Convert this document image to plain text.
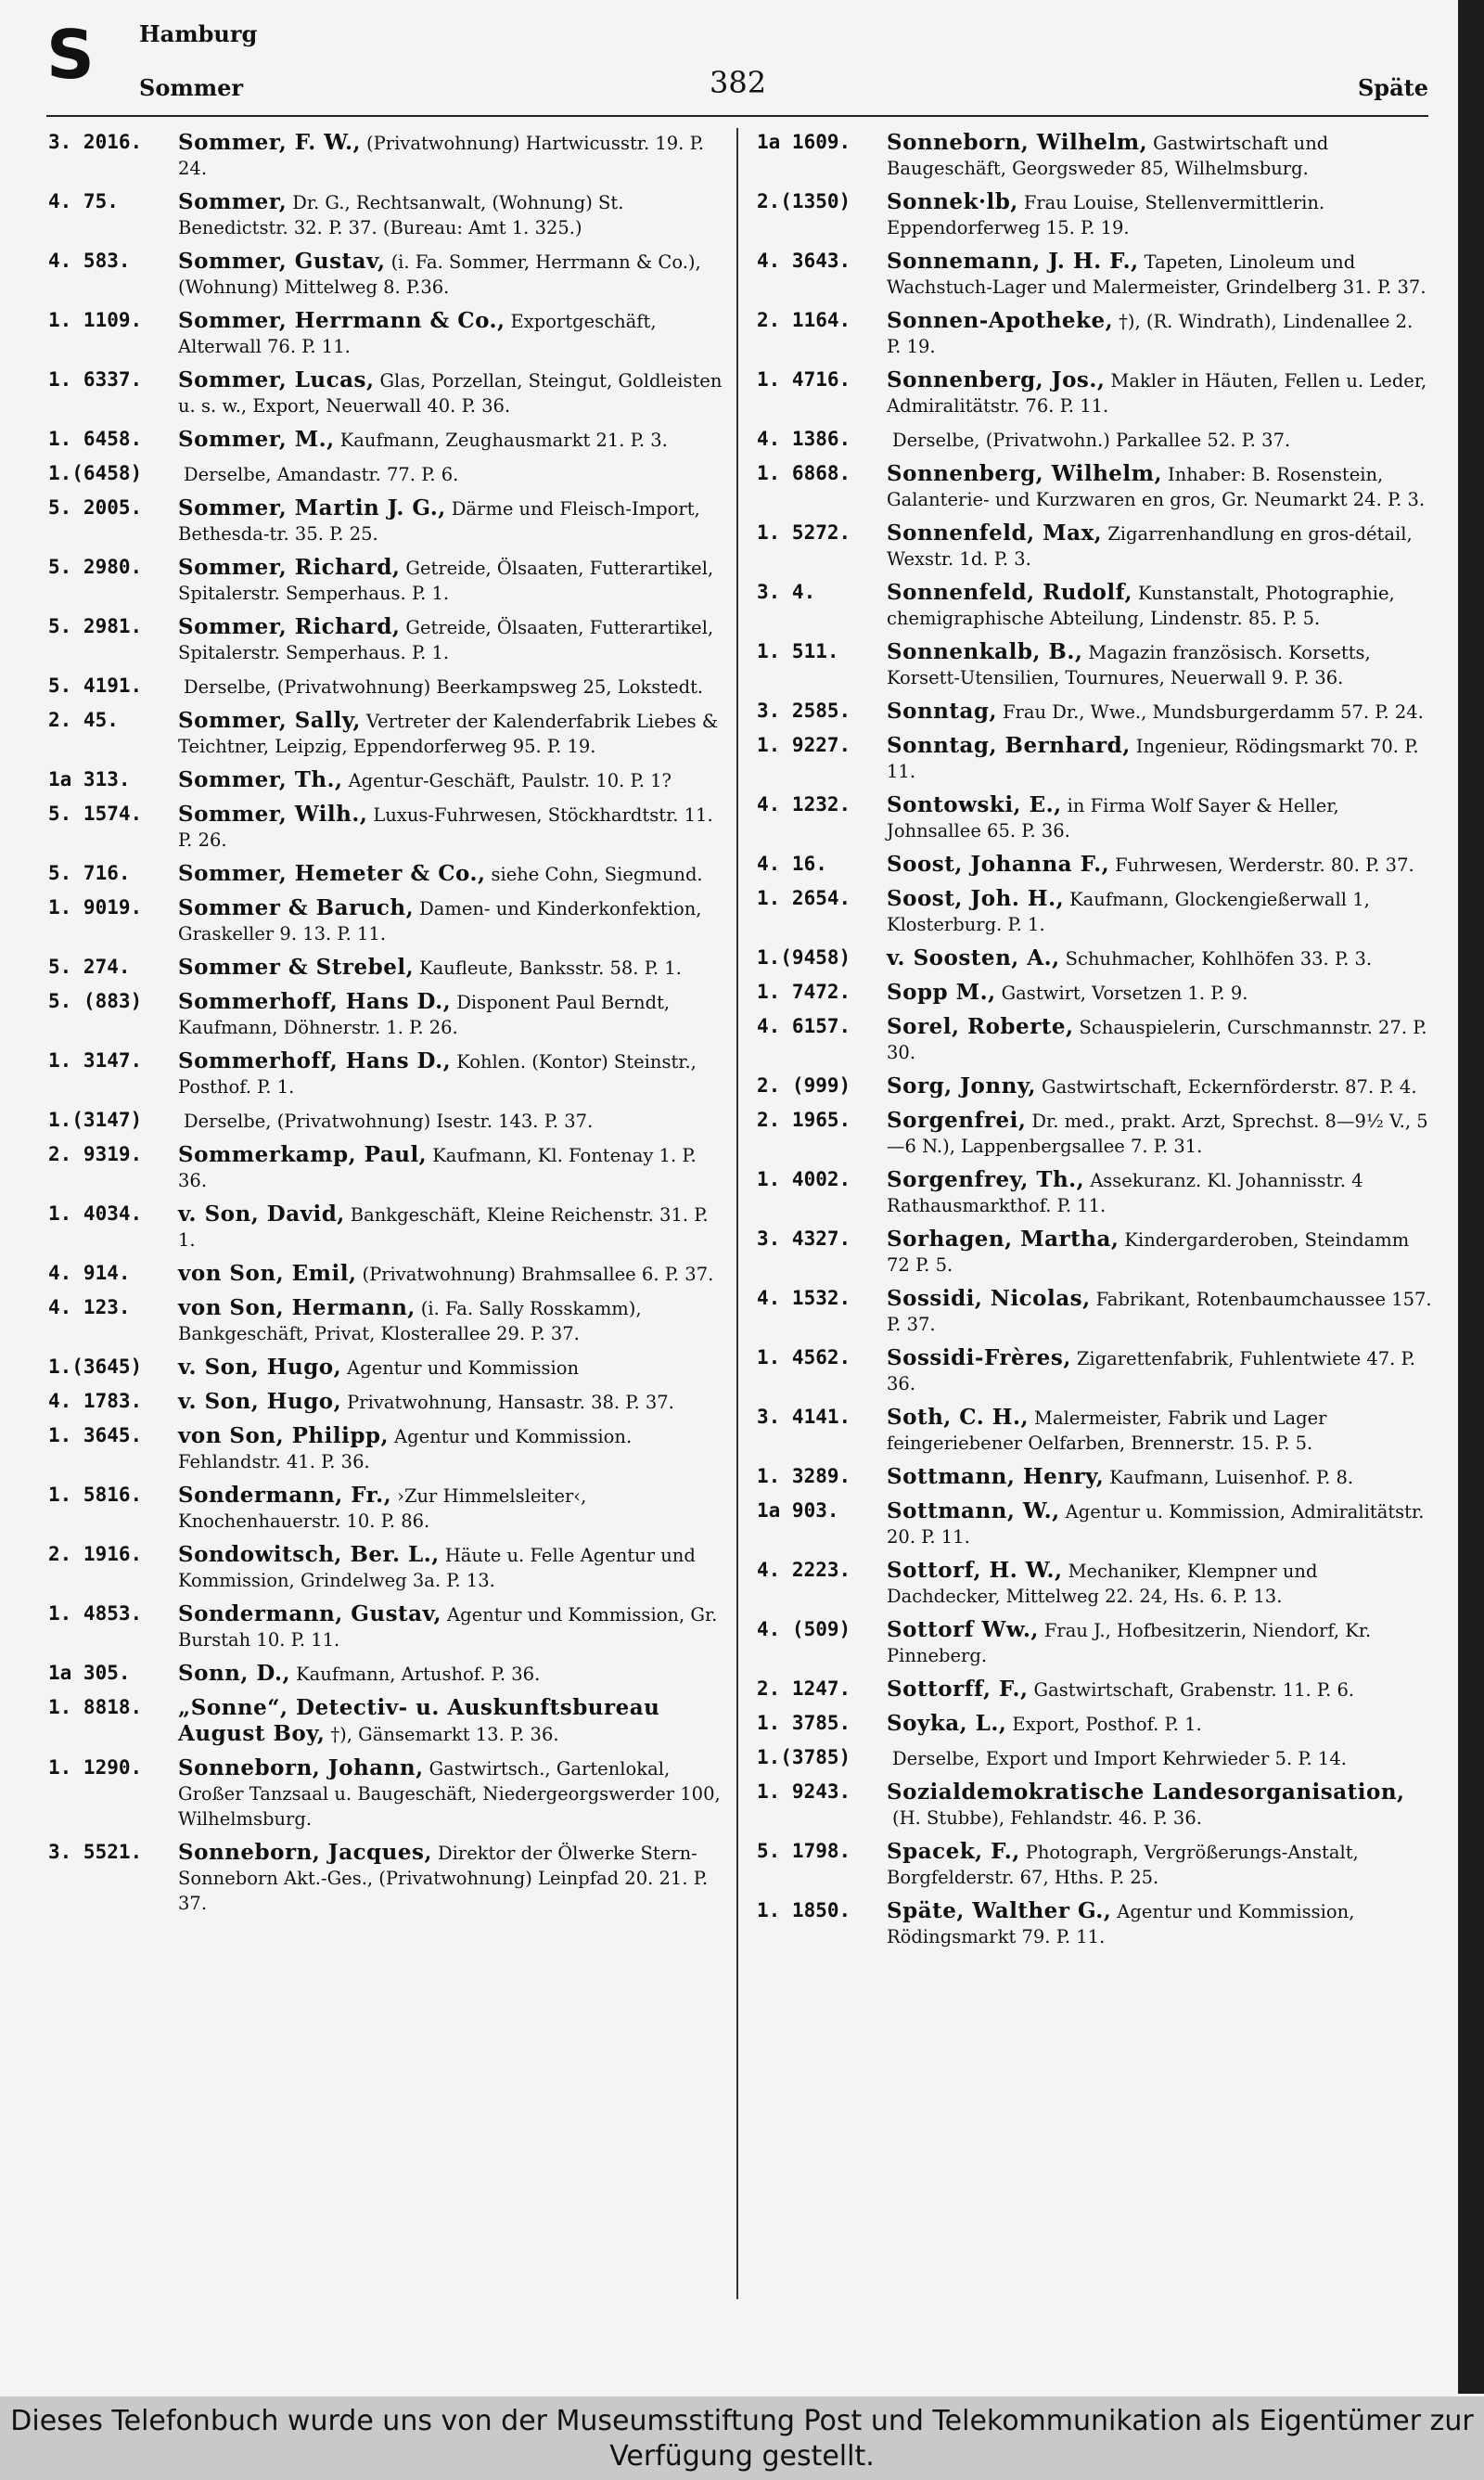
S Hamburg
Sommer	382	Späte
3. 2016.	Sommer, F. W., (Privatwohnung) Hartwicusstr. 19. P. 24.
4. 75.	Sommer, Dr. G., Rechtsanwalt, (Wohnung) St. Benedictstr. 32. P. 37. (Bureau: Amt 1. 325.)
4. 583.	Sommer, Gustav, (i. Fa. Sommer, Herrmann & Co.), (Wohnung) Mittelweg 8. P.36.
1. 1109.	Sommer, Herrmann & Co., Exportgeschäft, Alterwall 76. P. 11.
1. 6337.	Sommer, Lucas, Glas, Porzellan, Steingut, Goldleisten u. s. w., Export, Neuerwall 40. P. 36.
1. 6458.	Sommer, M., Kaufmann, Zeughausmarkt 21. P. 3.
1.(6458)	Derselbe, Amandastr. 77. P. 6.
5. 2005.	Sommer, Martin J. G., Därme und Fleisch-Import, Bethesda-tr. 35. P. 25.
5. 2980.	Sommer, Richard, Getreide, Ölsaaten, Futterartikel, Spitalerstr. Semperhaus. P. 1.
5. 2981.	Sommer, Richard, Getreide, Ölsaaten, Futterartikel, Spitalerstr. Semperhaus. P. 1.
5. 4191.	Derselbe, (Privatwohnung) Beerkampsweg 25, Lokstedt.
2. 45.	Sommer, Sally, Vertreter der Kalenderfabrik Liebes & Teichtner, Leipzig, Eppendorferweg 95. P. 19.
1a 313.	Sommer, Th., Agentur-Geschäft, Paulstr. 10. P. 1?
5. 1574.	Sommer, Wilh., Luxus-Fuhrwesen, Stöckhardtstr. 11. P. 26.
5. 716.	Sommer, Hemeter & Co., siehe Cohn, Siegmund.
1. 9019.	Sommer & Baruch, Damen- und Kinderkonfektion, Graskeller 9. 13. P. 11.
5. 274.	Sommer & Strebel, Kaufleute, Banksstr. 58. P. 1.
5. (883)	Sommerhoff, Hans D., Disponent Paul Berndt, Kaufmann, Döhnerstr. 1. P. 26.
1. 3147.	Sommerhoff, Hans D., Kohlen. (Kontor) Steinstr., Posthof. P. 1.
1.(3147)	Derselbe, (Privatwohnung) Isestr. 143. P. 37.
2. 9319.	Sommerkamp, Paul, Kaufmann, Kl. Fontenay 1. P. 36.
1. 4034.	v. Son, David, Bankgeschäft, Kleine Reichenstr. 31. P. 1.
4. 914.	von Son, Emil, (Privatwohnung) Brahmsallee 6. P. 37.
4. 123.	von Son, Hermann, (i. Fa. Sally Rosskamm), Bankgeschäft, Privat, Klosterallee 29. P. 37.
1.(3645)	v. Son, Hugo, Agentur und Kommission
4. 1783.	v. Son, Hugo, Privatwohnung, Hansastr. 38. P. 37.
1. 3645.	von Son, Philipp, Agentur und Kommission. Fehlandstr. 41. P. 36.
1. 5816.	Sondermann, Fr., ›Zur Himmelsleiter‹, Knochenhauerstr. 10. P. 86.
2. 1916.	Sondowitsch, Ber. L., Häute u. Felle Agentur und Kommission, Grindelweg 3a. P. 13.
1. 4853.	Sondermann, Gustav, Agentur und Kommission, Gr. Burstah 10. P. 11.
1a 305.	Sonn, D., Kaufmann, Artushof. P. 36.
1. 8818.	„Sonne“, Detectiv- u. Auskunftsbureau August Boy, †), Gänsemarkt 13. P. 36.
1. 1290.	Sonneborn, Johann, Gastwirtsch., Gartenlokal, Großer Tanzsaal u. Baugeschäft, Niedergeorgswerder 100, Wilhelmsburg.
3. 5521.	Sonneborn, Jacques, Direktor der Ölwerke Stern-Sonneborn Akt.-Ges., (Privatwohnung) Leinpfad 20. 21. P. 37.
1a 1609.	Sonneborn, Wilhelm, Gastwirtschaft und Baugeschäft, Georgsweder 85, Wilhelmsburg.
2.(1350)	Sonnek·lb, Frau Louise, Stellenvermittlerin. Eppendorferweg 15. P. 19.
4. 3643.	Sonnemann, J. H. F., Tapeten, Linoleum und Wachstuch-Lager und Malermeister, Grindelberg 31. P. 37.
2. 1164.	Sonnen-Apotheke, †), (R. Windrath), Lindenallee 2. P. 19.
1. 4716.	Sonnenberg, Jos., Makler in Häuten, Fellen u. Leder, Admiralitätstr. 76. P. 11.
4. 1386.	Derselbe, (Privatwohn.) Parkallee 52. P. 37.
1. 6868.	Sonnenberg, Wilhelm, Inhaber: B. Rosenstein, Galanterie- und Kurzwaren en gros, Gr. Neumarkt 24. P. 3.
1. 5272.	Sonnenfeld, Max, Zigarrenhandlung en gros-détail, Wexstr. 1d. P. 3.
3. 4.	Sonnenfeld, Rudolf, Kunstanstalt, Photographie, chemigraphische Abteilung, Lindenstr. 85. P. 5.
1. 511.	Sonnenkalb, B., Magazin französisch. Korsetts, Korsett-Utensilien, Tournures, Neuerwall 9. P. 36.
3. 2585.	Sonntag, Frau Dr., Wwe., Mundsburgerdamm 57. P. 24.
1. 9227.	Sonntag, Bernhard, Ingenieur, Rödingsmarkt 70. P. 11.
4. 1232.	Sontowski, E., in Firma Wolf Sayer & Heller, Johnsallee 65. P. 36.
4. 16.	Soost, Johanna F., Fuhrwesen, Werderstr. 80. P. 37.
1. 2654.	Soost, Joh. H., Kaufmann, Glockengießerwall 1, Klosterburg. P. 1.
1.(9458)	v. Soosten, A., Schuhmacher, Kohlhöfen 33. P. 3.
1. 7472.	Sopp M., Gastwirt, Vorsetzen 1. P. 9.
4. 6157.	Sorel, Roberte, Schauspielerin, Curschmannstr. 27. P. 30.
2. (999)	Sorg, Jonny, Gastwirtschaft, Eckernförderstr. 87. P. 4.
2. 1965.	Sorgenfrei, Dr. med., prakt. Arzt, Sprechst. 8—9½ V., 5—6 N.), Lappenbergsallee 7. P. 31.
1. 4002.	Sorgenfrey, Th., Assekuranz. Kl. Johannisstr. 4 Rathausmarkthof. P. 11.
3. 4327.	Sorhagen, Martha, Kindergarderoben, Steindamm 72 P. 5.
4. 1532.	Sossidi, Nicolas, Fabrikant, Rotenbaumchaussee 157. P. 37.
1. 4562.	Sossidi-Frères, Zigarettenfabrik, Fuhlentwiete 47. P. 36.
3. 4141.	Soth, C. H., Malermeister, Fabrik und Lager feingeriebener Oelfarben, Brennerstr. 15. P. 5.
1. 3289.	Sottmann, Henry, Kaufmann, Luisenhof. P. 8.
1a 903.	Sottmann, W., Agentur u. Kommission, Admiralitätstr. 20. P. 11.
4. 2223.	Sottorf, H. W., Mechaniker, Klempner und Dachdecker, Mittelweg 22. 24, Hs. 6. P. 13.
4. (509)	Sottorf Ww., Frau J., Hofbesitzerin, Niendorf, Kr. Pinneberg.
2. 1247.	Sottorff, F., Gastwirtschaft, Grabenstr. 11. P. 6.
1. 3785.	Soyka, L., Export, Posthof. P. 1.
1.(3785)	Derselbe, Export und Import Kehrwieder 5. P. 14.
1. 9243.	Sozialdemokratische Landesorganisation,(H. Stubbe), Fehlandstr. 46. P. 36.
5. 1798.	Spacek, F., Photograph, Vergrößerungs-Anstalt, Borgfelderstr. 67, Hths. P. 25.
1. 1850.	Späte, Walther G., Agentur und Kommission, Rödingsmarkt 79. P. 11.

Dieses Telefonbuch wurde uns von der Museumsstiftung Post und Telekommunikation als Eigentümer zur Verfügung gestellt.
